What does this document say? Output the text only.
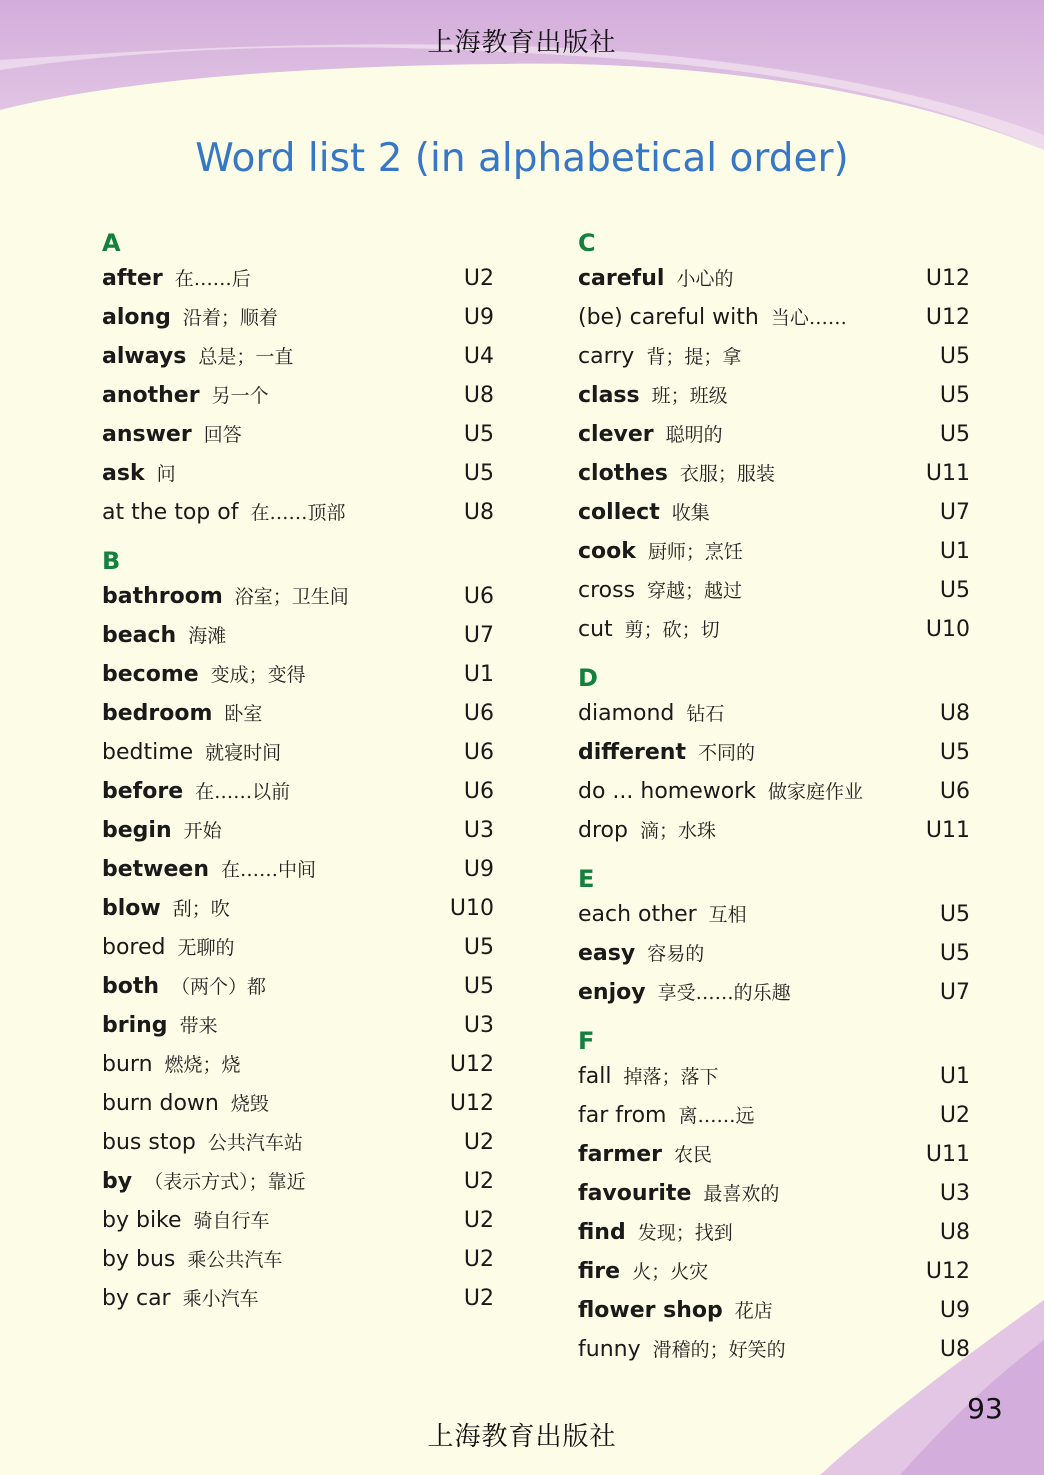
上海教育出版社
Word list 2 (in alphabetical order)
A
after 在……后	U2
along 沿着；顺着	U9
always 总是；一直	U4
another 另一个	U8
answer 回答	U5
ask 问	U5
at the top of 在……顶部	U8
B
bathroom 浴室；卫生间	U6
beach 海滩	U7
become 变成；变得	U1
bedroom 卧室	U6
bedtime 就寝时间	U6
before 在……以前	U6
begin 开始	U3
between 在……中间	U9
blow 刮；吹	U10
bored 无聊的	U5
both （两个）都	U5
bring 带来	U3
burn 燃烧；烧	U12
burn down 烧毁	U12
bus stop 公共汽车站	U2
by （表示方式）；靠近	U2
by bike 骑自行车	U2
by bus 乘公共汽车	U2
by car 乘小汽车	U2
C
careful 小心的	U12
(be) careful with 当心……	U12
carry 背；提；拿	U5
class 班；班级	U5
clever 聪明的	U5
clothes 衣服；服装	U11
collect 收集	U7
cook 厨师；烹饪	U1
cross 穿越；越过	U5
cut 剪；砍；切	U10
D
diamond 钻石	U8
different 不同的	U5
do ... homework 做家庭作业	U6
drop 滴；水珠	U11
E
each other 互相	U5
easy 容易的	U5
enjoy 享受……的乐趣	U7
F
fall 掉落；落下	U1
far from 离……远	U2
farmer 农民	U11
favourite 最喜欢的	U3
find 发现；找到	U8
fire 火；火灾	U12
flower shop 花店	U9
funny 滑稽的；好笑的	U8
93
上海教育出版社
